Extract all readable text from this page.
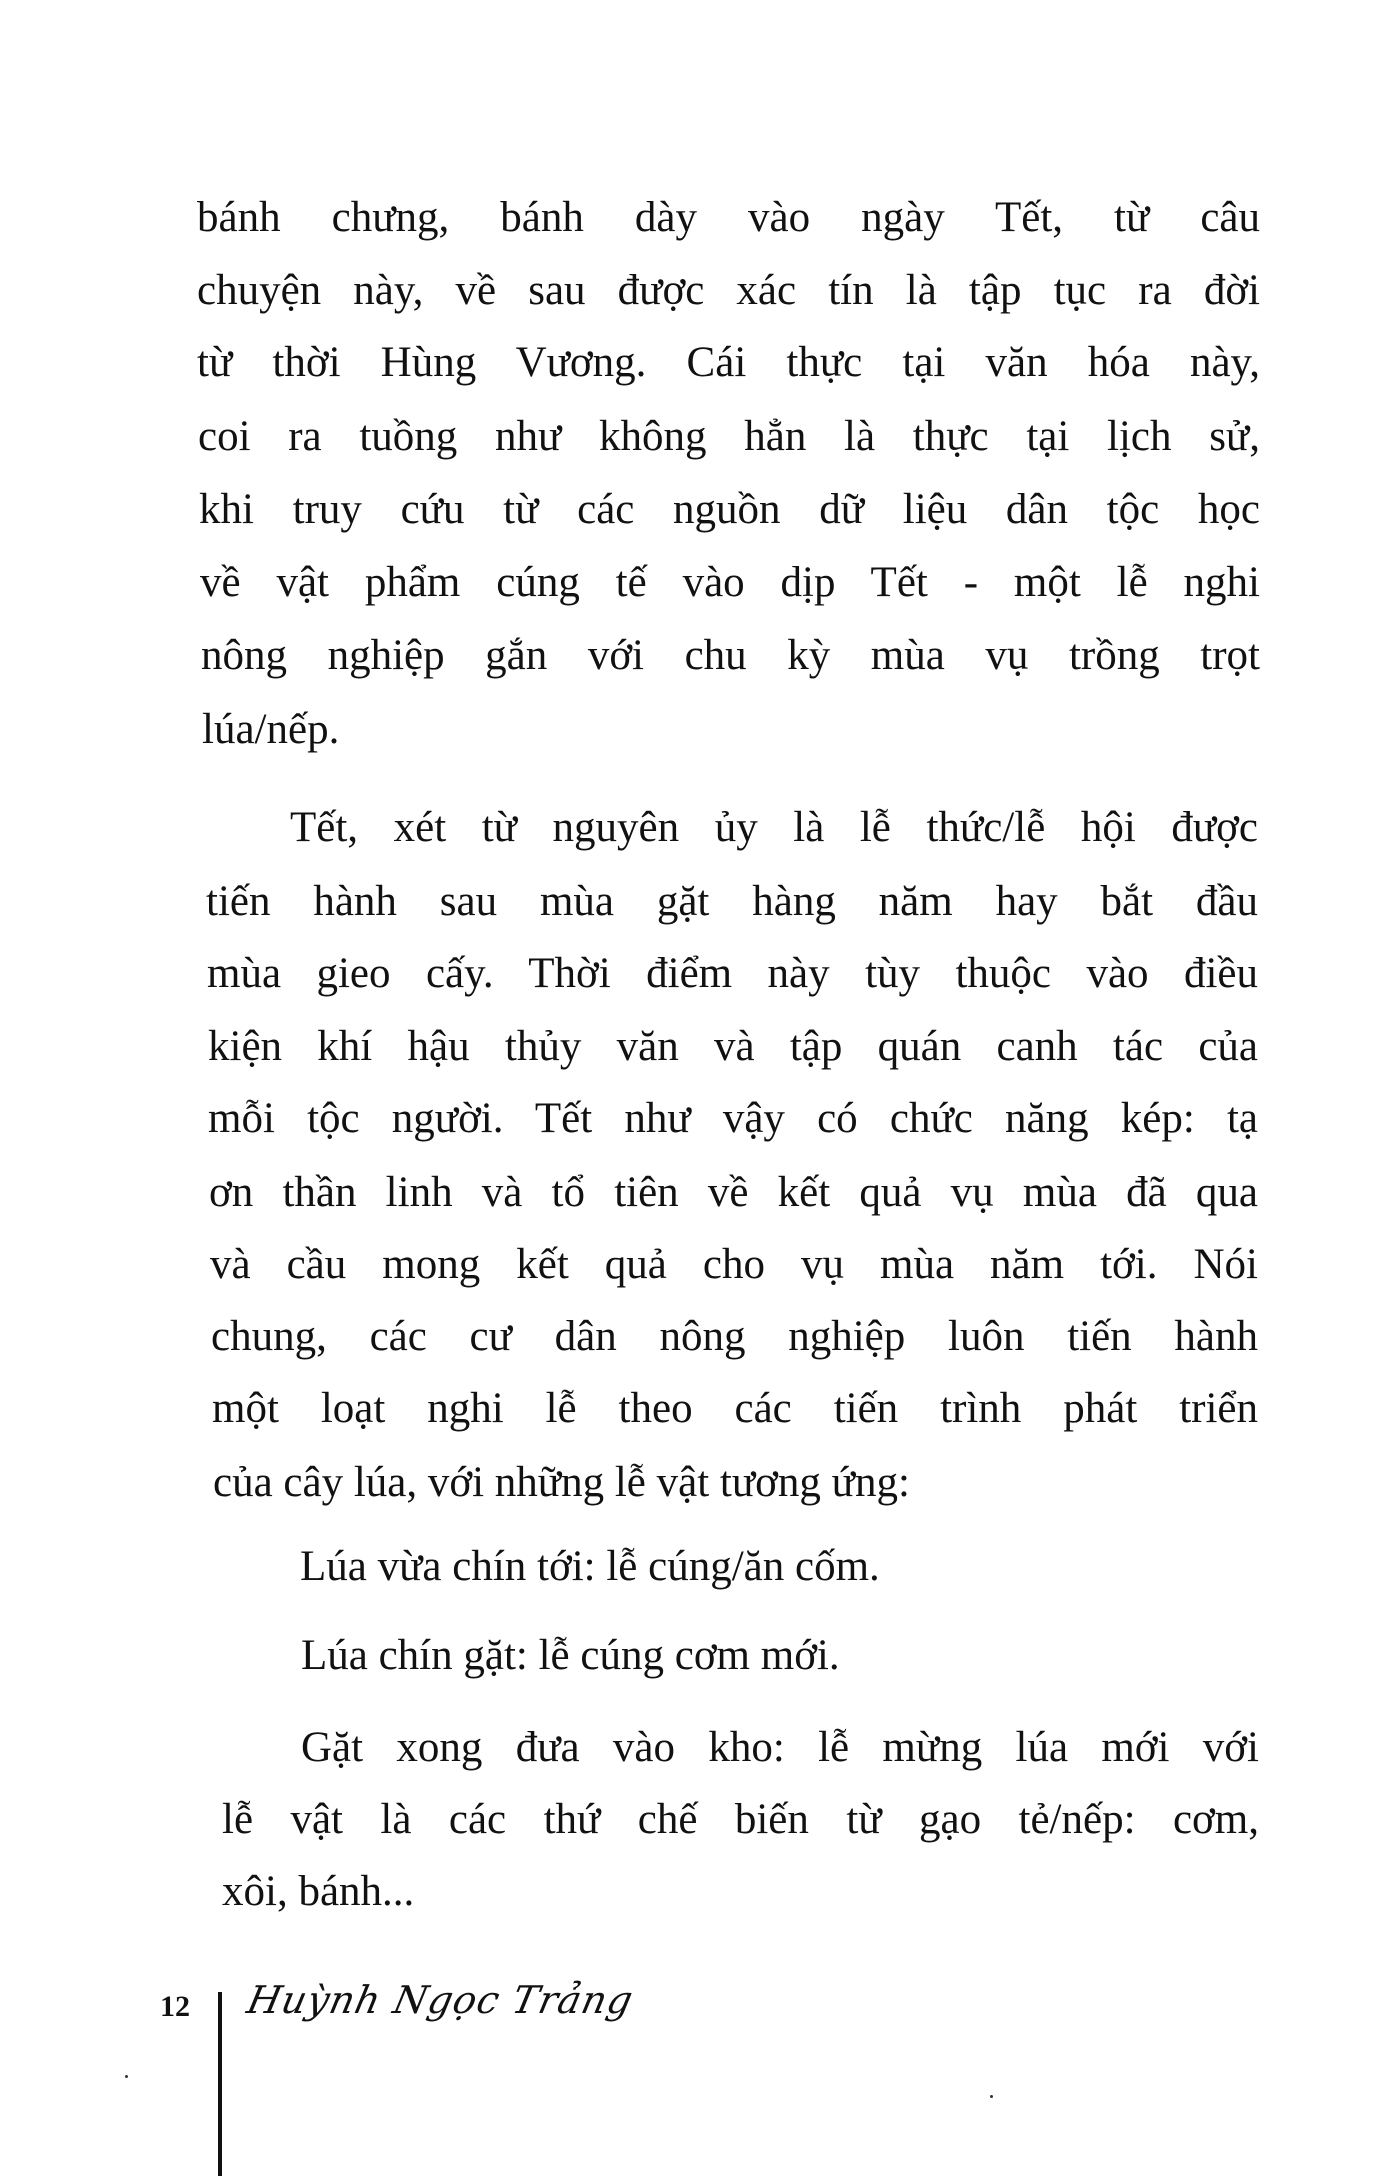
bánh chưng, bánh dày vào ngày Tết, từ câu
chuyện này, về sau được xác tín là tập tục ra đời
từ thời Hùng Vương. Cái thực tại văn hóa này,
coi ra tuồng như không hẳn là thực tại lịch sử,
khi truy cứu từ các nguồn dữ liệu dân tộc học
về vật phẩm cúng tế vào dịp Tết - một lễ nghi
nông nghiệp gắn với chu kỳ mùa vụ trồng trọt
lúa/nếp.
Tết, xét từ nguyên ủy là lễ thức/lễ hội được
tiến hành sau mùa gặt hàng năm hay bắt đầu
mùa gieo cấy. Thời điểm này tùy thuộc vào điều
kiện khí hậu thủy văn và tập quán canh tác của
mỗi tộc người. Tết như vậy có chức năng kép: tạ
ơn thần linh và tổ tiên về kết quả vụ mùa đã qua
và cầu mong kết quả cho vụ mùa năm tới. Nói
chung, các cư dân nông nghiệp luôn tiến hành
một loạt nghi lễ theo các tiến trình phát triển
của cây lúa, với những lễ vật tương ứng:
Lúa vừa chín tới: lễ cúng/ăn cốm.
Lúa chín gặt: lễ cúng cơm mới.
Gặt xong đưa vào kho: lễ mừng lúa mới với
lễ vật là các thứ chế biến từ gạo tẻ/nếp: cơm,
xôi, bánh...
12 Huỳnh Ngọc Trảng
